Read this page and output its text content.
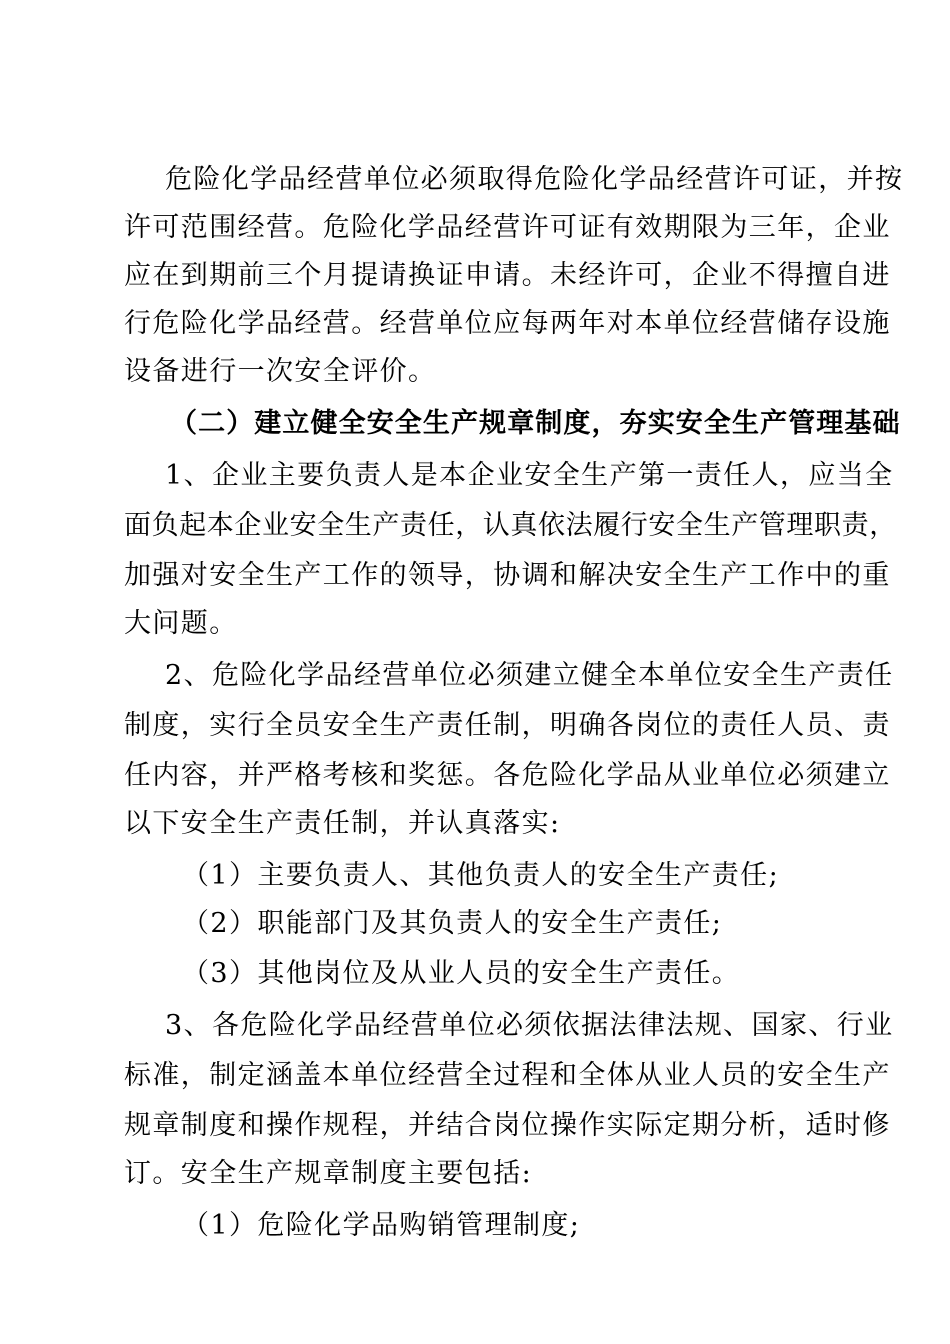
危险化学品经营单位必须取得危险化学品经营许可证，并按
许可范围经营。危险化学品经营许可证有效期限为三年，企业
应在到期前三个月提请换证申请。未经许可，企业不得擅自进
行危险化学品经营。经营单位应每两年对本单位经营储存设施
设备进行一次安全评价。
（二）建立健全安全生产规章制度，夯实安全生产管理基础
1、企业主要负责人是本企业安全生产第一责任人，应当全
面负起本企业安全生产责任，认真依法履行安全生产管理职责，
加强对安全生产工作的领导，协调和解决安全生产工作中的重
大问题。
2、危险化学品经营单位必须建立健全本单位安全生产责任
制度，实行全员安全生产责任制，明确各岗位的责任人员、责
任内容，并严格考核和奖惩。各危险化学品从业单位必须建立
以下安全生产责任制，并认真落实:
（1）主要负责人、其他负责人的安全生产责任;
（2）职能部门及其负责人的安全生产责任;
（3）其他岗位及从业人员的安全生产责任。
3、各危险化学品经营单位必须依据法律法规、国家、行业
标准，制定涵盖本单位经营全过程和全体从业人员的安全生产
规章制度和操作规程，并结合岗位操作实际定期分析，适时修
订。安全生产规章制度主要包括:
（1）危险化学品购销管理制度;
